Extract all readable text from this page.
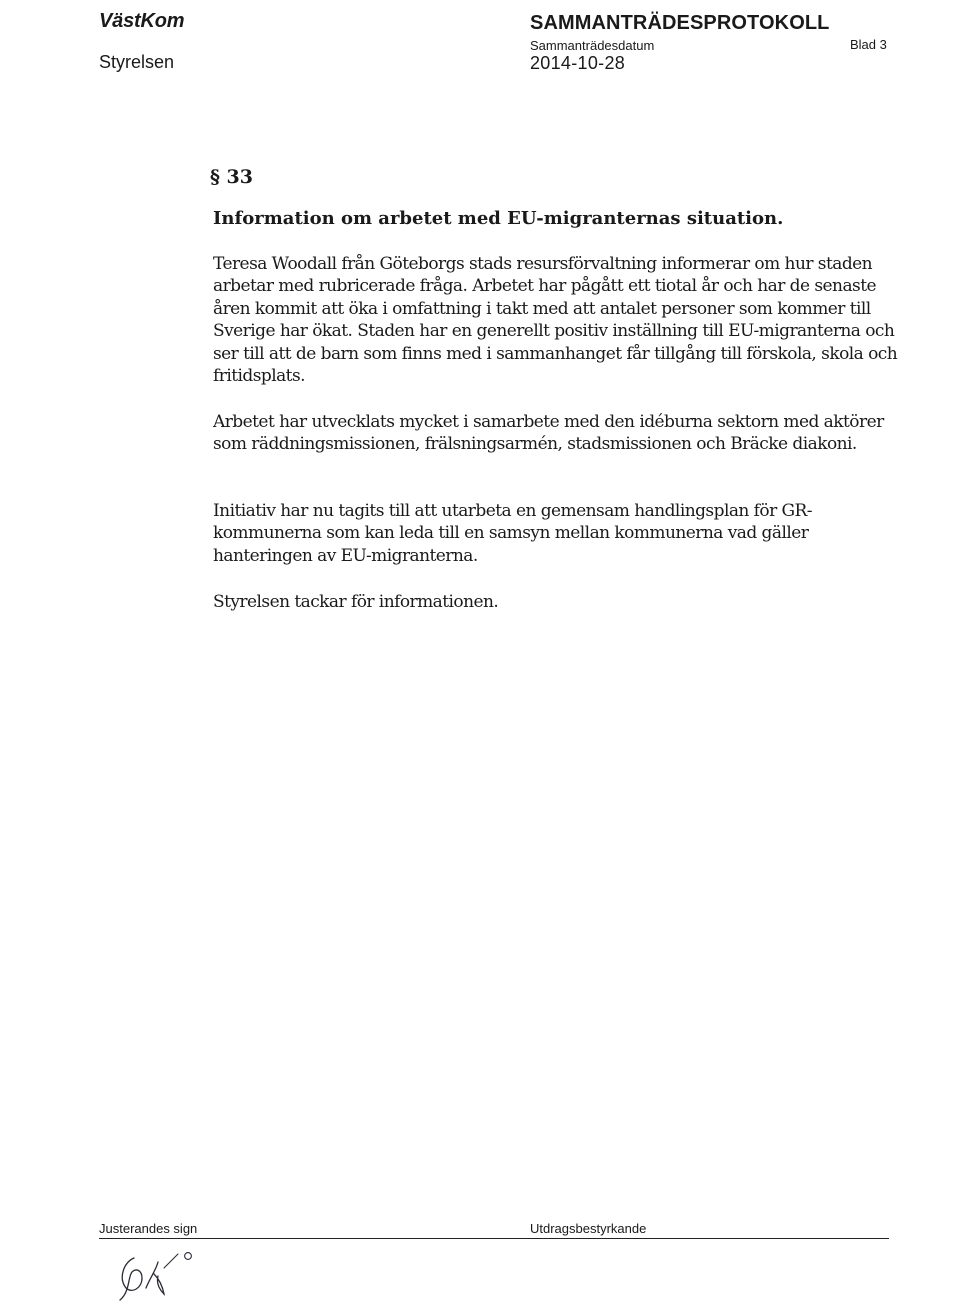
VästKom
Styrelsen
SAMMANTRÄDESPROTOKOLL
Sammanträdesdatum
2014-10-28
Blad 3
§ 33
Information om arbetet med EU-migranternas situation.

Teresa Woodall från Göteborgs stads resursförvaltning informerar om hur staden arbetar med rubricerade fråga. Arbetet har pågått ett tiotal år och har de senaste åren kommit att öka i omfattning i takt med att antalet personer som kommer till Sverige har ökat. Staden har en generellt positiv inställning till EU-migranterna och ser till att de barn som finns med i sammanhanget får tillgång till förskola, skola och fritidsplats.

Arbetet har utvecklats mycket i samarbete med den idéburna sektorn med aktörer som räddningsmissionen, frälsningsarmén, stadsmissionen och Bräcke diakoni.

Initiativ har nu tagits till att utarbeta en gemensam handlingsplan för GR-kommunerna som kan leda till en samsyn mellan kommunerna vad gäller hanteringen av EU-migranterna.

Styrelsen tackar för informationen.

Justerandes sign	Utdragsbestyrkande
